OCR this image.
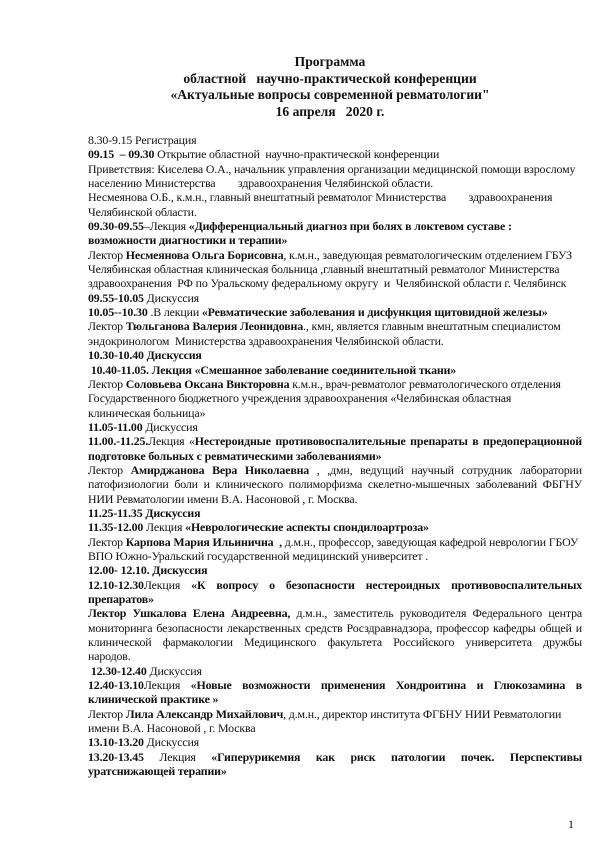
Программа
областной   научно-практической конференции
«Актуальные вопросы современной ревматологии"
16 апреля   2020 г.
8.30-9.15 Регистрация
09.15  – 09.30 Открытие областной  научно-практической конференции
Приветствия: Киселева О.А., начальник управления организации медицинской помощи взрослому
населению Министерства        здравоохранения Челябинской области.
Несмеянова О.Б., к.м.н., главный внештатный ревматолог Министерства        здравоохранения
Челябинской области.
09.30-09.55–Лекция «Дифференциальный диагноз при болях в локтевом суставе :
возможности диагностики и терапии»
Лектор Несмеянова Ольга Борисовна, к.м.н., заведующая ревматологическим отделением ГБУЗ
Челябинская областная клиническая больница ,главный внештатный ревматолог Министерства
здравоохранения  РФ по Уральскому федеральному округу  и  Челябинской области г. Челябинск
09.55-10.05 Дискуссия
10.05--10.30 .В лекции «Ревматические заболевания и дисфункция щитовидной железы»
Лектор Тюльганова Валерия Леонидовна., кмн, является главным внештатным специалистом
эндокринологом  Министерства здравоохранения Челябинской области.
10.30-10.40 Дискуссия
10.40-11.05. Лекция «Смешанное заболевание соединительной ткани»
Лектор Соловьева Оксана Викторовна к.м.н., врач-ревматолог ревматологического отделения
Государственного бюджетного учреждения здравоохранения «Челябинская областная
клиническая больница»
11.05-11.00 Дискуссия
11.00.-11.25.Лекция «Нестероидные противовоспалительные препараты в предоперационной
подготовке больных с ревматическими заболеваниями»
Лектор Амирджанова Вера Николаевна , ,дмн, ведущий научный сотрудник лаборатории
патофизиологии боли и клинического полиморфизма скелетно-мышечных заболеваний ФБГНУ
НИИ Ревматологии имени В.А. Насоновой , г. Москва.
11.25-11.35 Дискуссия
11.35-12.00 Лекция «Неврологические аспекты спондилоартроза»
Лектор Карпова Мария Ильинична  , д.м.н., профессор, заведующая кафедрой неврологии ГБОУ
ВПО Южно-Уральский государственной медицинский университет .
12.00- 12.10. Дискуссия
12.10-12.30Лекция «К вопросу о безопасности нестероидных противовоспалительных
препаратов»
Лектор Ушкалова Елена Андреевна, д.м.н., заместитель руководителя Федерального центра
мониторинга безопасности лекарственных средств Росздравнадзора, профессор кафедры общей и
клинической фармакологии Медицинского факультета Российского университета дружбы
народов.
12.30-12.40 Дискуссия
12.40-13.10Лекция «Новые возможности применения Хондроитина и Глюкозамина в
клинической практике »
Лектор Лила Александр Михайлович, д.м.н., директор института ФГБНУ НИИ Ревматологии
имени В.А. Насоновой , г. Москва
13.10-13.20 Дискуссия
13.20-13.45 Лекция «Гиперурикемия как риск патологии почек. Перспективы
уратснижающей терапии»
1
